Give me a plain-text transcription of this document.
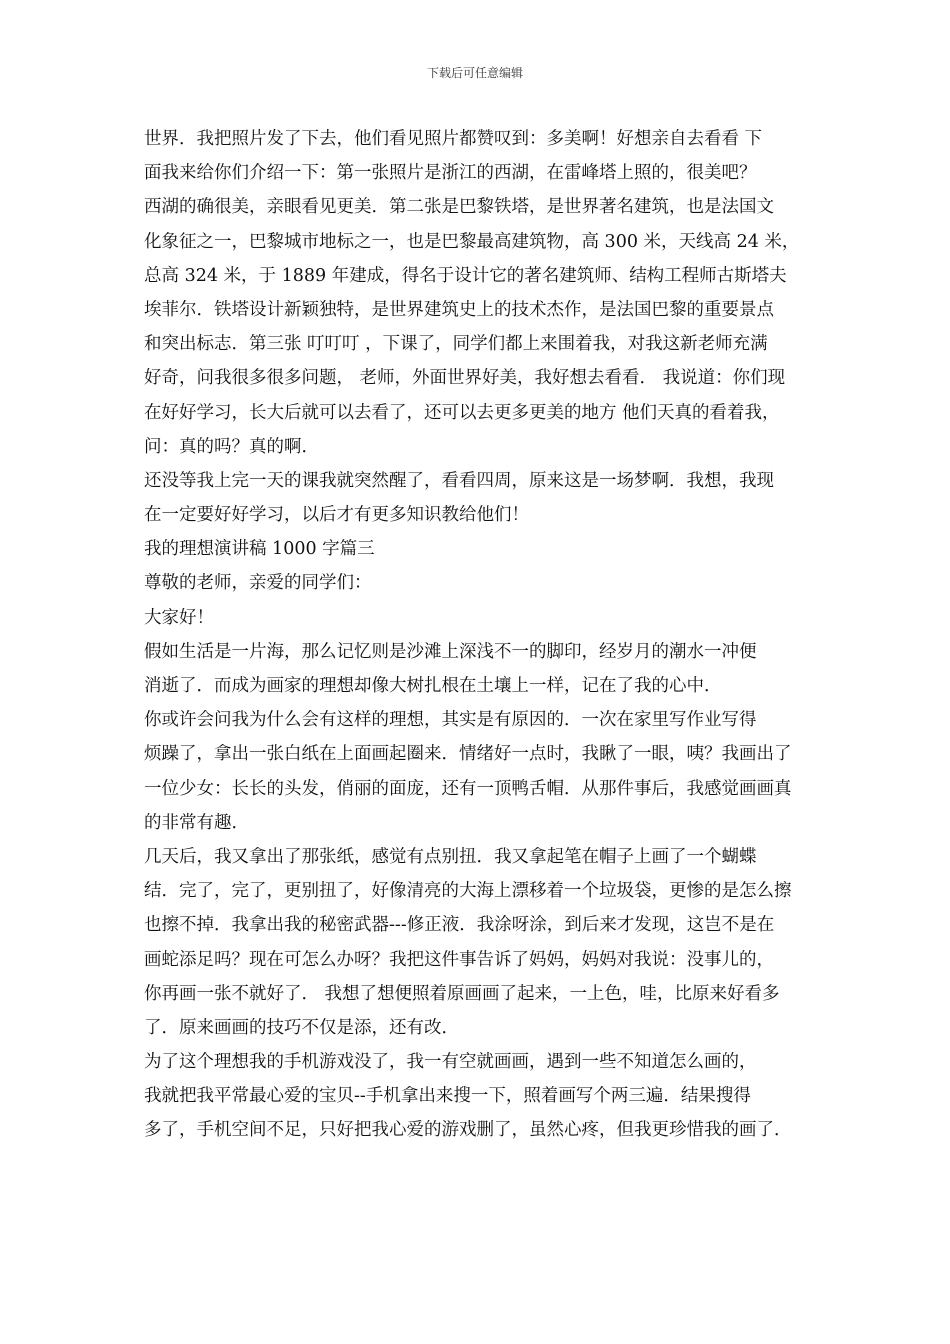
下载后可任意编辑
世界．我把照片发了下去，他们看见照片都赞叹到：多美啊！好想亲自去看看 下
面我来给你们介绍一下：第一张照片是浙江的西湖，在雷峰塔上照的，很美吧？
西湖的确很美，亲眼看见更美．第二张是巴黎铁塔，是世界著名建筑，也是法国文
化象征之一，巴黎城市地标之一，也是巴黎最高建筑物，高 300 米，天线高 24 米，
总高 324 米，于 1889 年建成，得名于设计它的著名建筑师、结构工程师古斯塔夫
埃菲尔．铁塔设计新颖独特，是世界建筑史上的技术杰作，是法国巴黎的重要景点
和突出标志．第三张 叮叮叮 ，下课了，同学们都上来围着我，对我这新老师充满
好奇，问我很多很多问题， 老师，外面世界好美，我好想去看看． 我说道：你们现
在好好学习，长大后就可以去看了，还可以去更多更美的地方 他们天真的看着我，
问：真的吗？真的啊．
还没等我上完一天的课我就突然醒了，看看四周，原来这是一场梦啊．我想，我现
在一定要好好学习，以后才有更多知识教给他们！
我的理想演讲稿 1000 字篇三
尊敬的老师，亲爱的同学们：
大家好！
假如生活是一片海，那么记忆则是沙滩上深浅不一的脚印，经岁月的潮水一冲便
消逝了．而成为画家的理想却像大树扎根在土壤上一样，记在了我的心中．
你或许会问我为什么会有这样的理想，其实是有原因的．一次在家里写作业写得
烦躁了，拿出一张白纸在上面画起圈来．情绪好一点时，我瞅了一眼，咦？我画出了
一位少女：长长的头发，俏丽的面庞，还有一顶鸭舌帽．从那件事后，我感觉画画真
的非常有趣．
几天后，我又拿出了那张纸，感觉有点别扭．我又拿起笔在帽子上画了一个蝴蝶
结．完了，完了，更别扭了，好像清亮的大海上漂移着一个垃圾袋，更惨的是怎么擦
也擦不掉．我拿出我的秘密武器---修正液．我涂呀涂，到后来才发现，这岂不是在
画蛇添足吗？现在可怎么办呀？我把这件事告诉了妈妈，妈妈对我说：没事儿的，
你再画一张不就好了． 我想了想便照着原画画了起来，一上色，哇，比原来好看多
了．原来画画的技巧不仅是添，还有改．
为了这个理想我的手机游戏没了，我一有空就画画，遇到一些不知道怎么画的，
我就把我平常最心爱的宝贝--手机拿出来搜一下，照着画写个两三遍．结果搜得
多了，手机空间不足，只好把我心爱的游戏删了，虽然心疼，但我更珍惜我的画了．
